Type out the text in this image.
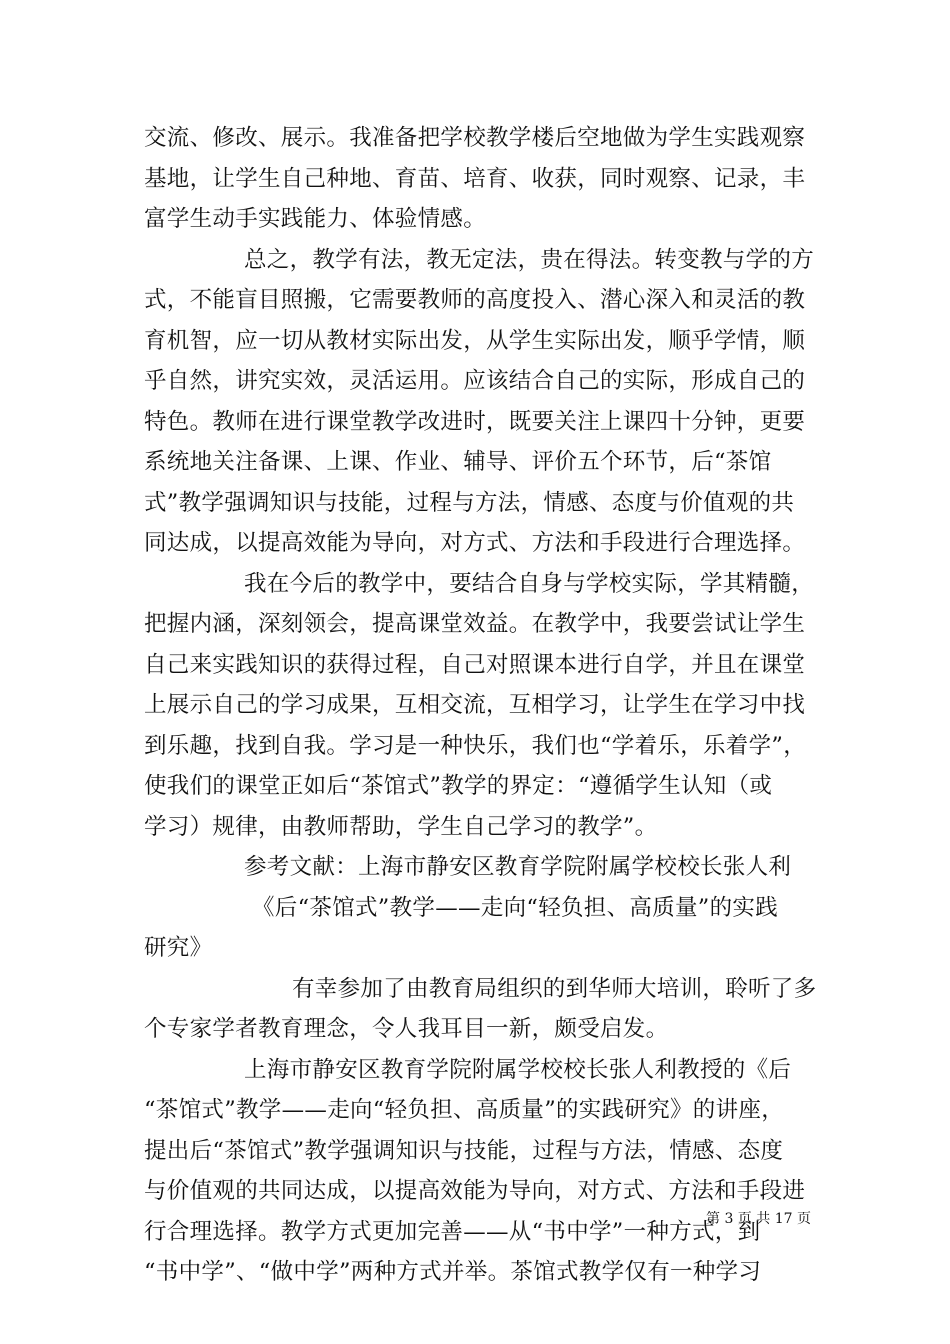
交流、修改、展示。我准备把学校教学楼后空地做为学生实践观察
基地，让学生自己种地、育苗、培育、收获，同时观察、记录，丰
富学生动手实践能力、体验情感。
总之，教学有法，教无定法，贵在得法。转变教与学的方
式，不能盲目照搬，它需要教师的高度投入、潜心深入和灵活的教
育机智，应一切从教材实际出发，从学生实际出发，顺乎学情，顺
乎自然，讲究实效，灵活运用。应该结合自己的实际，形成自己的
特色。教师在进行课堂教学改进时，既要关注上课四十分钟，更要
系统地关注备课、上课、作业、辅导、评价五个环节，后“茶馆
式”教学强调知识与技能，过程与方法，情感、态度与价值观的共
同达成，以提高效能为导向，对方式、方法和手段进行合理选择。
我在今后的教学中，要结合自身与学校实际，学其精髓，
把握内涵，深刻领会，提高课堂效益。在教学中，我要尝试让学生
自己来实践知识的获得过程，自己对照课本进行自学，并且在课堂
上展示自己的学习成果，互相交流，互相学习，让学生在学习中找
到乐趣，找到自我。学习是一种快乐，我们也“学着乐，乐着学”，
使我们的课堂正如后“茶馆式”教学的界定：“遵循学生认知（或
学习）规律，由教师帮助，学生自己学习的教学”。
参考文献：上海市静安区教育学院附属学校校长张人利
《后“茶馆式”教学——走向“轻负担、高质量”的实践
研究》
有幸参加了由教育局组织的到华师大培训，聆听了多
个专家学者教育理念，令人我耳目一新，颇受启发。
上海市静安区教育学院附属学校校长张人利教授的《后
“茶馆式”教学——走向“轻负担、高质量”的实践研究》的讲座，
提出后“茶馆式”教学强调知识与技能，过程与方法，情感、态度
与价值观的共同达成，以提高效能为导向，对方式、方法和手段进
行合理选择。教学方式更加完善——从“书中学”一种方式，到
“书中学”、“做中学”两种方式并举。茶馆式教学仅有一种学习
第 3 页 共 17 页
